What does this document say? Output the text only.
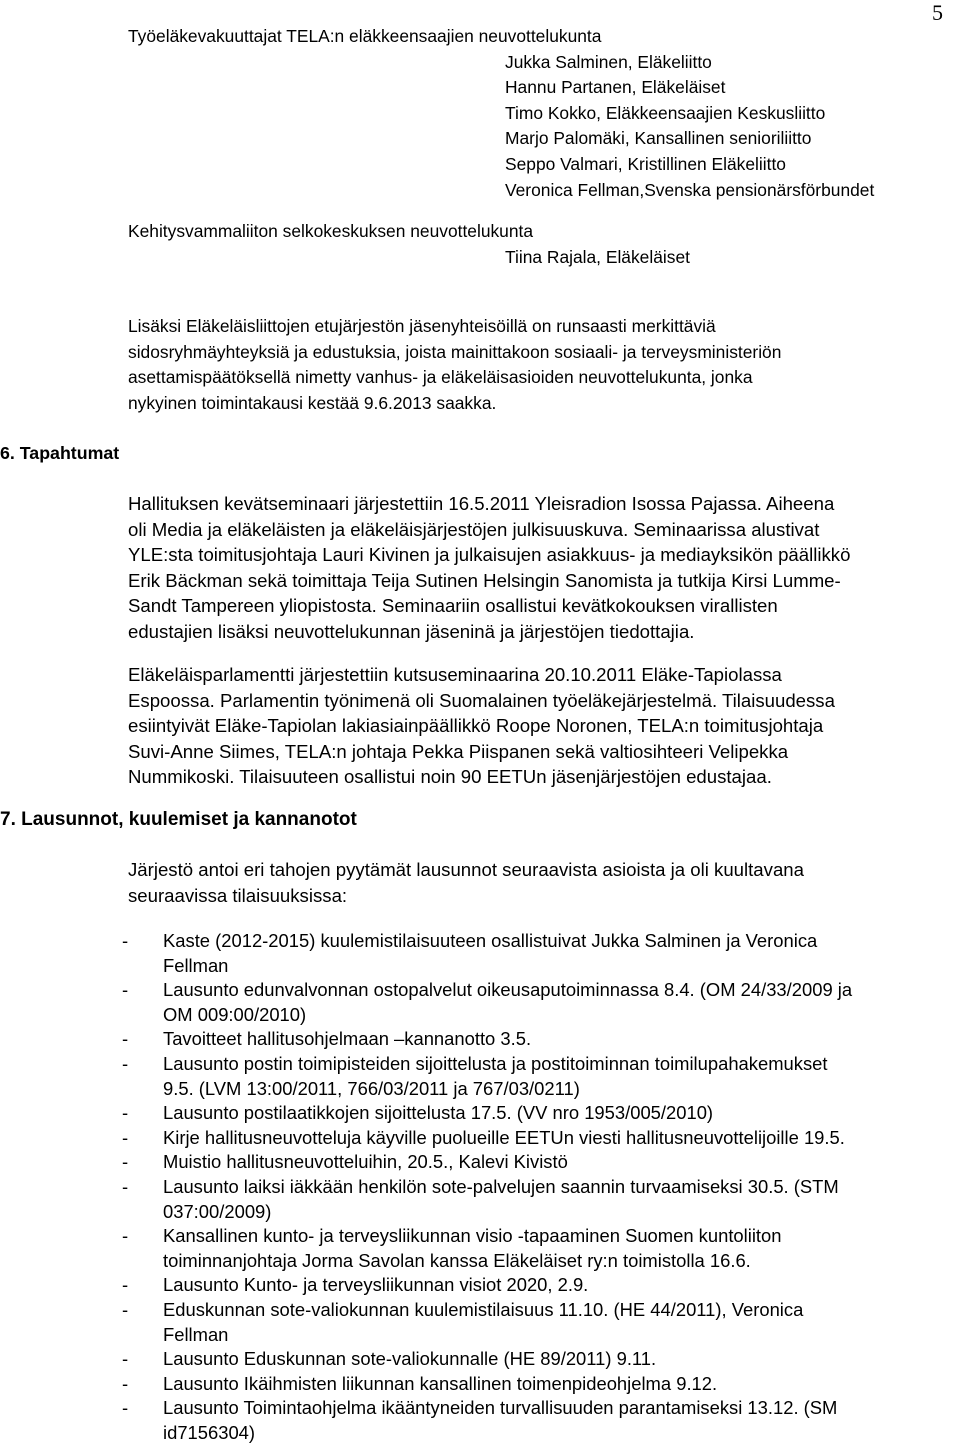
5
Työeläkevakuuttajat TELA:n eläkkeensaajien neuvottelukunta
Jukka Salminen, Eläkeliitto
Hannu Partanen, Eläkeläiset
Timo Kokko, Eläkkeensaajien Keskusliitto
Marjo Palomäki, Kansallinen senioriliitto
Seppo Valmari, Kristillinen Eläkeliitto
Veronica Fellman,Svenska pensionärsförbundet
Kehitysvammaliiton selkokeskuksen neuvottelukunta
Tiina Rajala, Eläkeläiset
Lisäksi Eläkeläisliittojen etujärjestön jäsenyhteisöillä on runsaasti merkittäviä
sidosryhmäyhteyksiä ja edustuksia, joista mainittakoon sosiaali- ja terveysministeriön
asettamispäätöksellä nimetty vanhus- ja eläkeläisasioiden neuvottelukunta, jonka
nykyinen toimintakausi kestää 9.6.2013 saakka.
6. Tapahtumat
Hallituksen kevätseminaari järjestettiin 16.5.2011 Yleisradion Isossa Pajassa. Aiheena
oli Media ja eläkeläisten ja eläkeläisjärjestöjen julkisuuskuva. Seminaarissa alustivat
YLE:sta toimitusjohtaja Lauri Kivinen ja julkaisujen asiakkuus- ja mediayksikön päällikkö
Erik Bäckman sekä toimittaja Teija Sutinen Helsingin Sanomista ja tutkija Kirsi Lumme-
Sandt Tampereen yliopistosta. Seminaariin osallistui kevätkokouksen virallisten
edustajien lisäksi neuvottelukunnan jäseninä ja järjestöjen tiedottajia.
Eläkeläisparlamentti järjestettiin kutsuseminaarina 20.10.2011 Eläke-Tapiolassa
Espoossa. Parlamentin työnimenä oli Suomalainen työeläkejärjestelmä. Tilaisuudessa
esiintyivät Eläke-Tapiolan lakiasiainpäällikkö Roope Noronen, TELA:n toimitusjohtaja
Suvi-Anne Siimes, TELA:n johtaja Pekka Piispanen sekä valtiosihteeri Velipekka
Nummikoski. Tilaisuuteen osallistui noin 90 EETUn jäsenjärjestöjen edustajaa.
7. Lausunnot, kuulemiset ja kannanotot
Järjestö antoi eri tahojen pyytämät lausunnot seuraavista asioista ja oli kuultavana
seuraavissa tilaisuuksissa:
- Kaste (2012-2015) kuulemistilaisuuteen osallistuivat Jukka Salminen ja Veronica
Fellman
- Lausunto edunvalvonnan ostopalvelut oikeusaputoiminnassa 8.4. (OM 24/33/2009 ja
OM 009:00/2010)
- Tavoitteet hallitusohjelmaan –kannanotto 3.5.
- Lausunto postin toimipisteiden sijoittelusta ja postitoiminnan toimilupahakemukset
9.5. (LVM 13:00/2011, 766/03/2011 ja 767/03/0211)
- Lausunto postilaatikkojen sijoittelusta 17.5. (VV nro 1953/005/2010)
- Kirje hallitusneuvotteluja käyville puolueille EETUn viesti hallitusneuvottelijoille 19.5.
- Muistio hallitusneuvotteluihin, 20.5., Kalevi Kivistö
- Lausunto laiksi iäkkään henkilön sote-palvelujen saannin turvaamiseksi 30.5. (STM
037:00/2009)
- Kansallinen kunto- ja terveysliikunnan visio -tapaaminen Suomen kuntoliiton
toiminnanjohtaja Jorma Savolan kanssa Eläkeläiset ry:n toimistolla 16.6.
- Lausunto Kunto- ja terveysliikunnan visiot 2020, 2.9.
- Eduskunnan sote-valiokunnan kuulemistilaisuus 11.10. (HE 44/2011), Veronica
Fellman
- Lausunto Eduskunnan sote-valiokunnalle (HE 89/2011) 9.11.
- Lausunto Ikäihmisten liikunnan kansallinen toimenpideohjelma 9.12.
- Lausunto Toimintaohjelma ikääntyneiden turvallisuuden parantamiseksi 13.12. (SM
id7156304)
